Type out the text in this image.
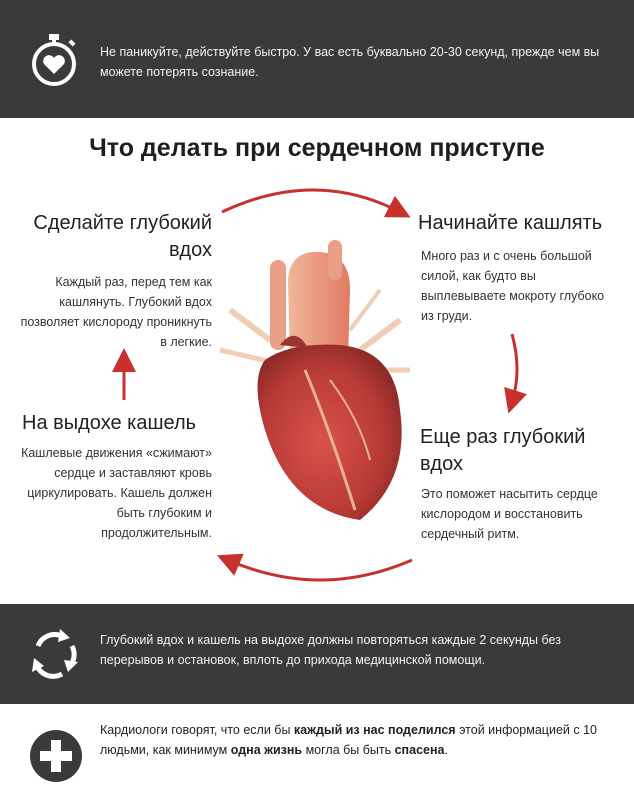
Не паникуйте, действуйте быстро. У вас есть буквально 20-30 секунд, прежде чем вы можете потерять сознание.
Что делать при сердечном приступе
Сделайте глубокий вдох
Каждый раз, перед тем как кашлянуть. Глубокий вдох позволяет кислороду проникнуть в легкие.
Начинайте кашлять
Много раз и с очень большой силой, как будто вы выплевываете мокроту глубоко из груди.
На выдохе кашель
Кашлевые движения «сжимают» сердце и заставляют кровь циркулировать. Кашель должен быть глубоким и продолжительным.
Еще раз глубокий вдох
Это поможет насытить сердце кислородом и восстановить сердечный ритм.
Глубокий вдох и кашель на выдохе должны повторяться каждые 2 секунды без перерывов и остановок, вплоть до прихода медицинской помощи.
Кардиологи говорят, что если бы каждый из нас поделился этой информацией с 10 людьми, как минимум одна жизнь могла бы быть спасена.
